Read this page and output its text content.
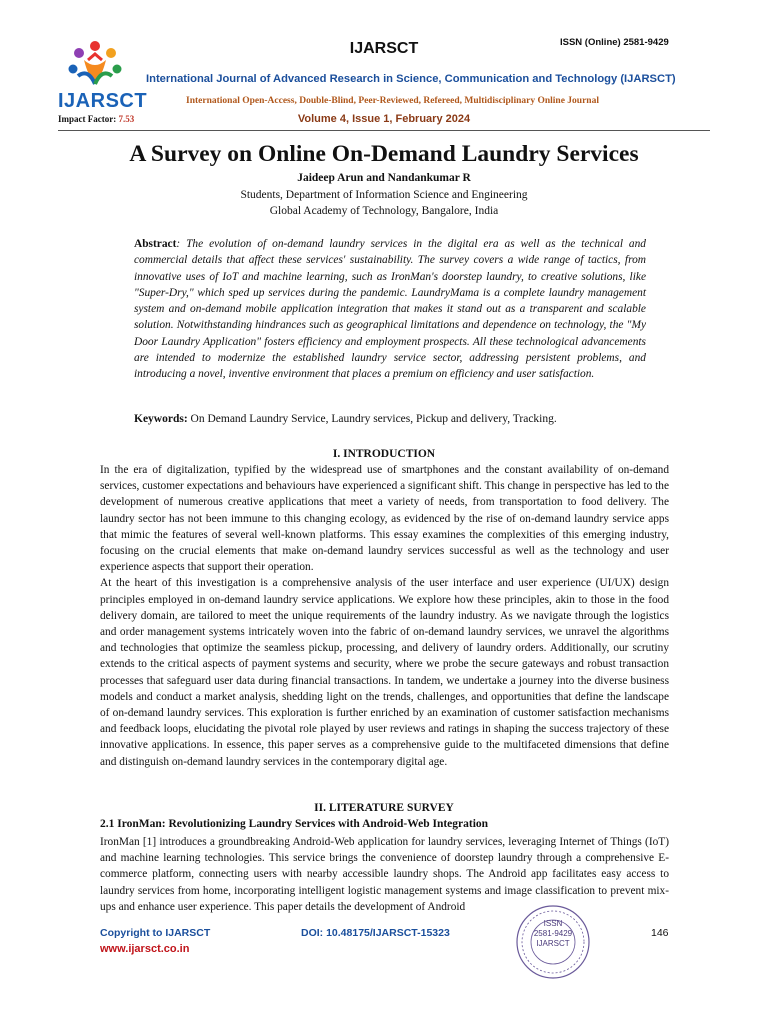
IJARSCT
Impact Factor: 7.53
IJARSCT	ISSN (Online) 2581-9429
International Journal of Advanced Research in Science, Communication and Technology (IJARSCT)
International Open-Access, Double-Blind, Peer-Reviewed, Refereed, Multidisciplinary Online Journal
Volume 4, Issue 1, February 2024
A Survey on Online On-Demand Laundry Services
Jaideep Arun and Nandankumar R
Students, Department of Information Science and Engineering
Global Academy of Technology, Bangalore, India
Abstract: The evolution of on-demand laundry services in the digital era as well as the technical and commercial details that affect these services' sustainability. The survey covers a wide range of tactics, from innovative uses of IoT and machine learning, such as IronMan's doorstep laundry, to creative solutions, like "Super-Dry," which sped up services during the pandemic. LaundryMama is a complete laundry management system and on-demand mobile application integration that makes it stand out as a transparent and scalable solution. Notwithstanding hindrances such as geographical limitations and dependence on technology, the "My Door Laundry Application" fosters efficiency and employment prospects. All these technological advancements are intended to modernize the established laundry service sector, addressing persistent problems, and introducing a novel, inventive environment that places a premium on efficiency and user satisfaction.
Keywords: On Demand Laundry Service, Laundry services, Pickup and delivery, Tracking.
I. INTRODUCTION

In the era of digitalization, typified by the widespread use of smartphones and the constant availability of on-demand services, customer expectations and behaviours have experienced a significant shift. This change in perspective has led to the development of numerous creative applications that meet a variety of needs, from transportation to food delivery. The laundry sector has not been immune to this changing ecology, as evidenced by the rise of on-demand laundry service apps that mimic the features of several well-known platforms. This essay examines the complexities of this emerging industry, focusing on the crucial elements that make on-demand laundry services successful as well as the technology and user experience aspects that support their operation.

At the heart of this investigation is a comprehensive analysis of the user interface and user experience (UI/UX) design principles employed in on-demand laundry service applications. We explore how these principles, akin to those in the food delivery domain, are tailored to meet the unique requirements of the laundry industry. As we navigate through the logistics and order management systems intricately woven into the fabric of on-demand laundry services, we unravel the algorithms and technologies that optimize the seamless pickup, processing, and delivery of laundry orders. Additionally, our scrutiny extends to the critical aspects of payment systems and security, where we probe the secure gateways and robust transaction processes that safeguard user data during financial transactions. In tandem, we undertake a journey into the diverse business models and conduct a market analysis, shedding light on the trends, challenges, and opportunities that define the landscape of on-demand laundry services. This exploration is further enriched by an examination of customer satisfaction mechanisms and feedback loops, elucidating the pivotal role played by user reviews and ratings in shaping the success trajectory of these innovative applications. In essence, this paper serves as a comprehensive guide to the multifaceted dimensions that define and distinguish on-demand laundry services in the contemporary digital age.

II. LITERATURE SURVEY
2.1 IronMan: Revolutionizing Laundry Services with Android-Web Integration

IronMan [1] introduces a groundbreaking Android-Web application for laundry services, leveraging Internet of Things (IoT) and machine learning technologies. This service brings the convenience of doorstep laundry through a comprehensive E-commerce platform, connecting users with nearby accessible laundry shops. The Android app facilitates easy access to laundry services from home, incorporating intelligent logistic management systems and image classification to prevent mix-ups and enhance user experience. This paper details the development of Android

Copyright to IJARSCT
www.ijarsct.co.in
DOI: 10.48175/IJARSCT-15323	146
ISSN
2581-9429
IJARSCT
